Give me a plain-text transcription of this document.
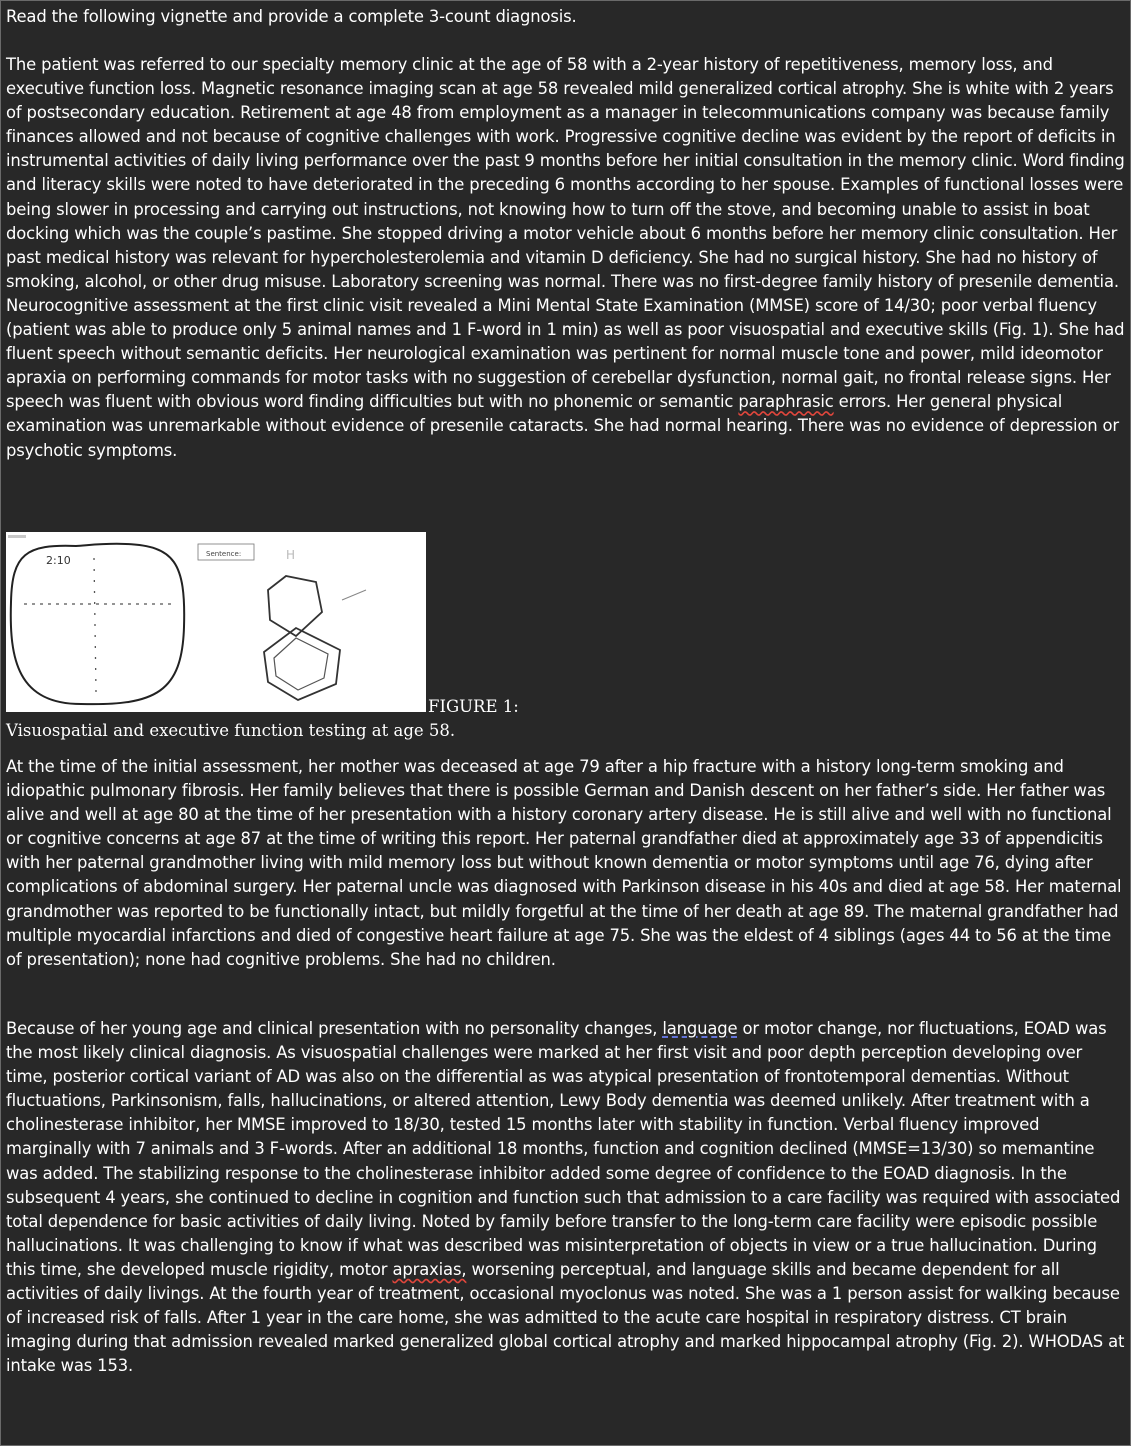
Read the following vignette and provide a complete 3-count diagnosis.

The patient was referred to our specialty memory clinic at the age of 58 with a 2-year history of repetitiveness, memory loss, and executive function loss. Magnetic resonance imaging scan at age 58 revealed mild generalized cortical atrophy. She is white with 2 years of postsecondary education. Retirement at age 48 from employment as a manager in telecommunications company was because family finances allowed and not because of cognitive challenges with work. Progressive cognitive decline was evident by the report of deficits in instrumental activities of daily living performance over the past 9 months before her initial consultation in the memory clinic. Word finding and literacy skills were noted to have deteriorated in the preceding 6 months according to her spouse. Examples of functional losses were being slower in processing and carrying out instructions, not knowing how to turn off the stove, and becoming unable to assist in boat docking which was the couple’s pastime. She stopped driving a motor vehicle about 6 months before her memory clinic consultation. Her past medical history was relevant for hypercholesterolemia and vitamin D deficiency. She had no surgical history. She had no history of smoking, alcohol, or other drug misuse. Laboratory screening was normal. There was no first-degree family history of presenile dementia. Neurocognitive assessment at the first clinic visit revealed a Mini Mental State Examination (MMSE) score of 14/30; poor verbal fluency (patient was able to produce only 5 animal names and 1 F-word in 1 min) as well as poor visuospatial and executive skills (Fig. 1). She had fluent speech without semantic deficits. Her neurological examination was pertinent for normal muscle tone and power, mild ideomotor apraxia on performing commands for motor tasks with no suggestion of cerebellar dysfunction, normal gait, no frontal release signs. Her speech was fluent with obvious word finding difficulties but with no phonemic or semantic paraphrasic errors. Her general physical examination was unremarkable without evidence of presenile cataracts. She had normal hearing. There was no evidence of depression or psychotic symptoms.

2:10	Sentence:	H
FIGURE 1:
Visuospatial and executive function testing at age 58.

At the time of the initial assessment, her mother was deceased at age 79 after a hip fracture with a history long-term smoking and idiopathic pulmonary fibrosis. Her family believes that there is possible German and Danish descent on her father’s side. Her father was alive and well at age 80 at the time of her presentation with a history coronary artery disease. He is still alive and well with no functional or cognitive concerns at age 87 at the time of writing this report. Her paternal grandfather died at approximately age 33 of appendicitis with her paternal grandmother living with mild memory loss but without known dementia or motor symptoms until age 76, dying after complications of abdominal surgery. Her paternal uncle was diagnosed with Parkinson disease in his 40s and died at age 58. Her maternal grandmother was reported to be functionally intact, but mildly forgetful at the time of her death at age 89. The maternal grandfather had multiple myocardial infarctions and died of congestive heart failure at age 75. She was the eldest of 4 siblings (ages 44 to 56 at the time of presentation); none had cognitive problems. She had no children.

Because of her young age and clinical presentation with no personality changes, language or motor change, nor fluctuations, EOAD was the most likely clinical diagnosis. As visuospatial challenges were marked at her first visit and poor depth perception developing over time, posterior cortical variant of AD was also on the differential as was atypical presentation of frontotemporal dementias. Without fluctuations, Parkinsonism, falls, hallucinations, or altered attention, Lewy Body dementia was deemed unlikely. After treatment with a cholinesterase inhibitor, her MMSE improved to 18/30, tested 15 months later with stability in function. Verbal fluency improved marginally with 7 animals and 3 F-words. After an additional 18 months, function and cognition declined (MMSE=13/30) so memantine was added. The stabilizing response to the cholinesterase inhibitor added some degree of confidence to the EOAD diagnosis. In the subsequent 4 years, she continued to decline in cognition and function such that admission to a care facility was required with associated total dependence for basic activities of daily living. Noted by family before transfer to the long-term care facility were episodic possible hallucinations. It was challenging to know if what was described was misinterpretation of objects in view or a true hallucination. During this time, she developed muscle rigidity, motor apraxias, worsening perceptual, and language skills and became dependent for all activities of daily livings. At the fourth year of treatment, occasional myoclonus was noted. She was a 1 person assist for walking because of increased risk of falls. After 1 year in the care home, she was admitted to the acute care hospital in respiratory distress. CT brain imaging during that admission revealed marked generalized global cortical atrophy and marked hippocampal atrophy (Fig. 2). WHODAS at intake was 153.
